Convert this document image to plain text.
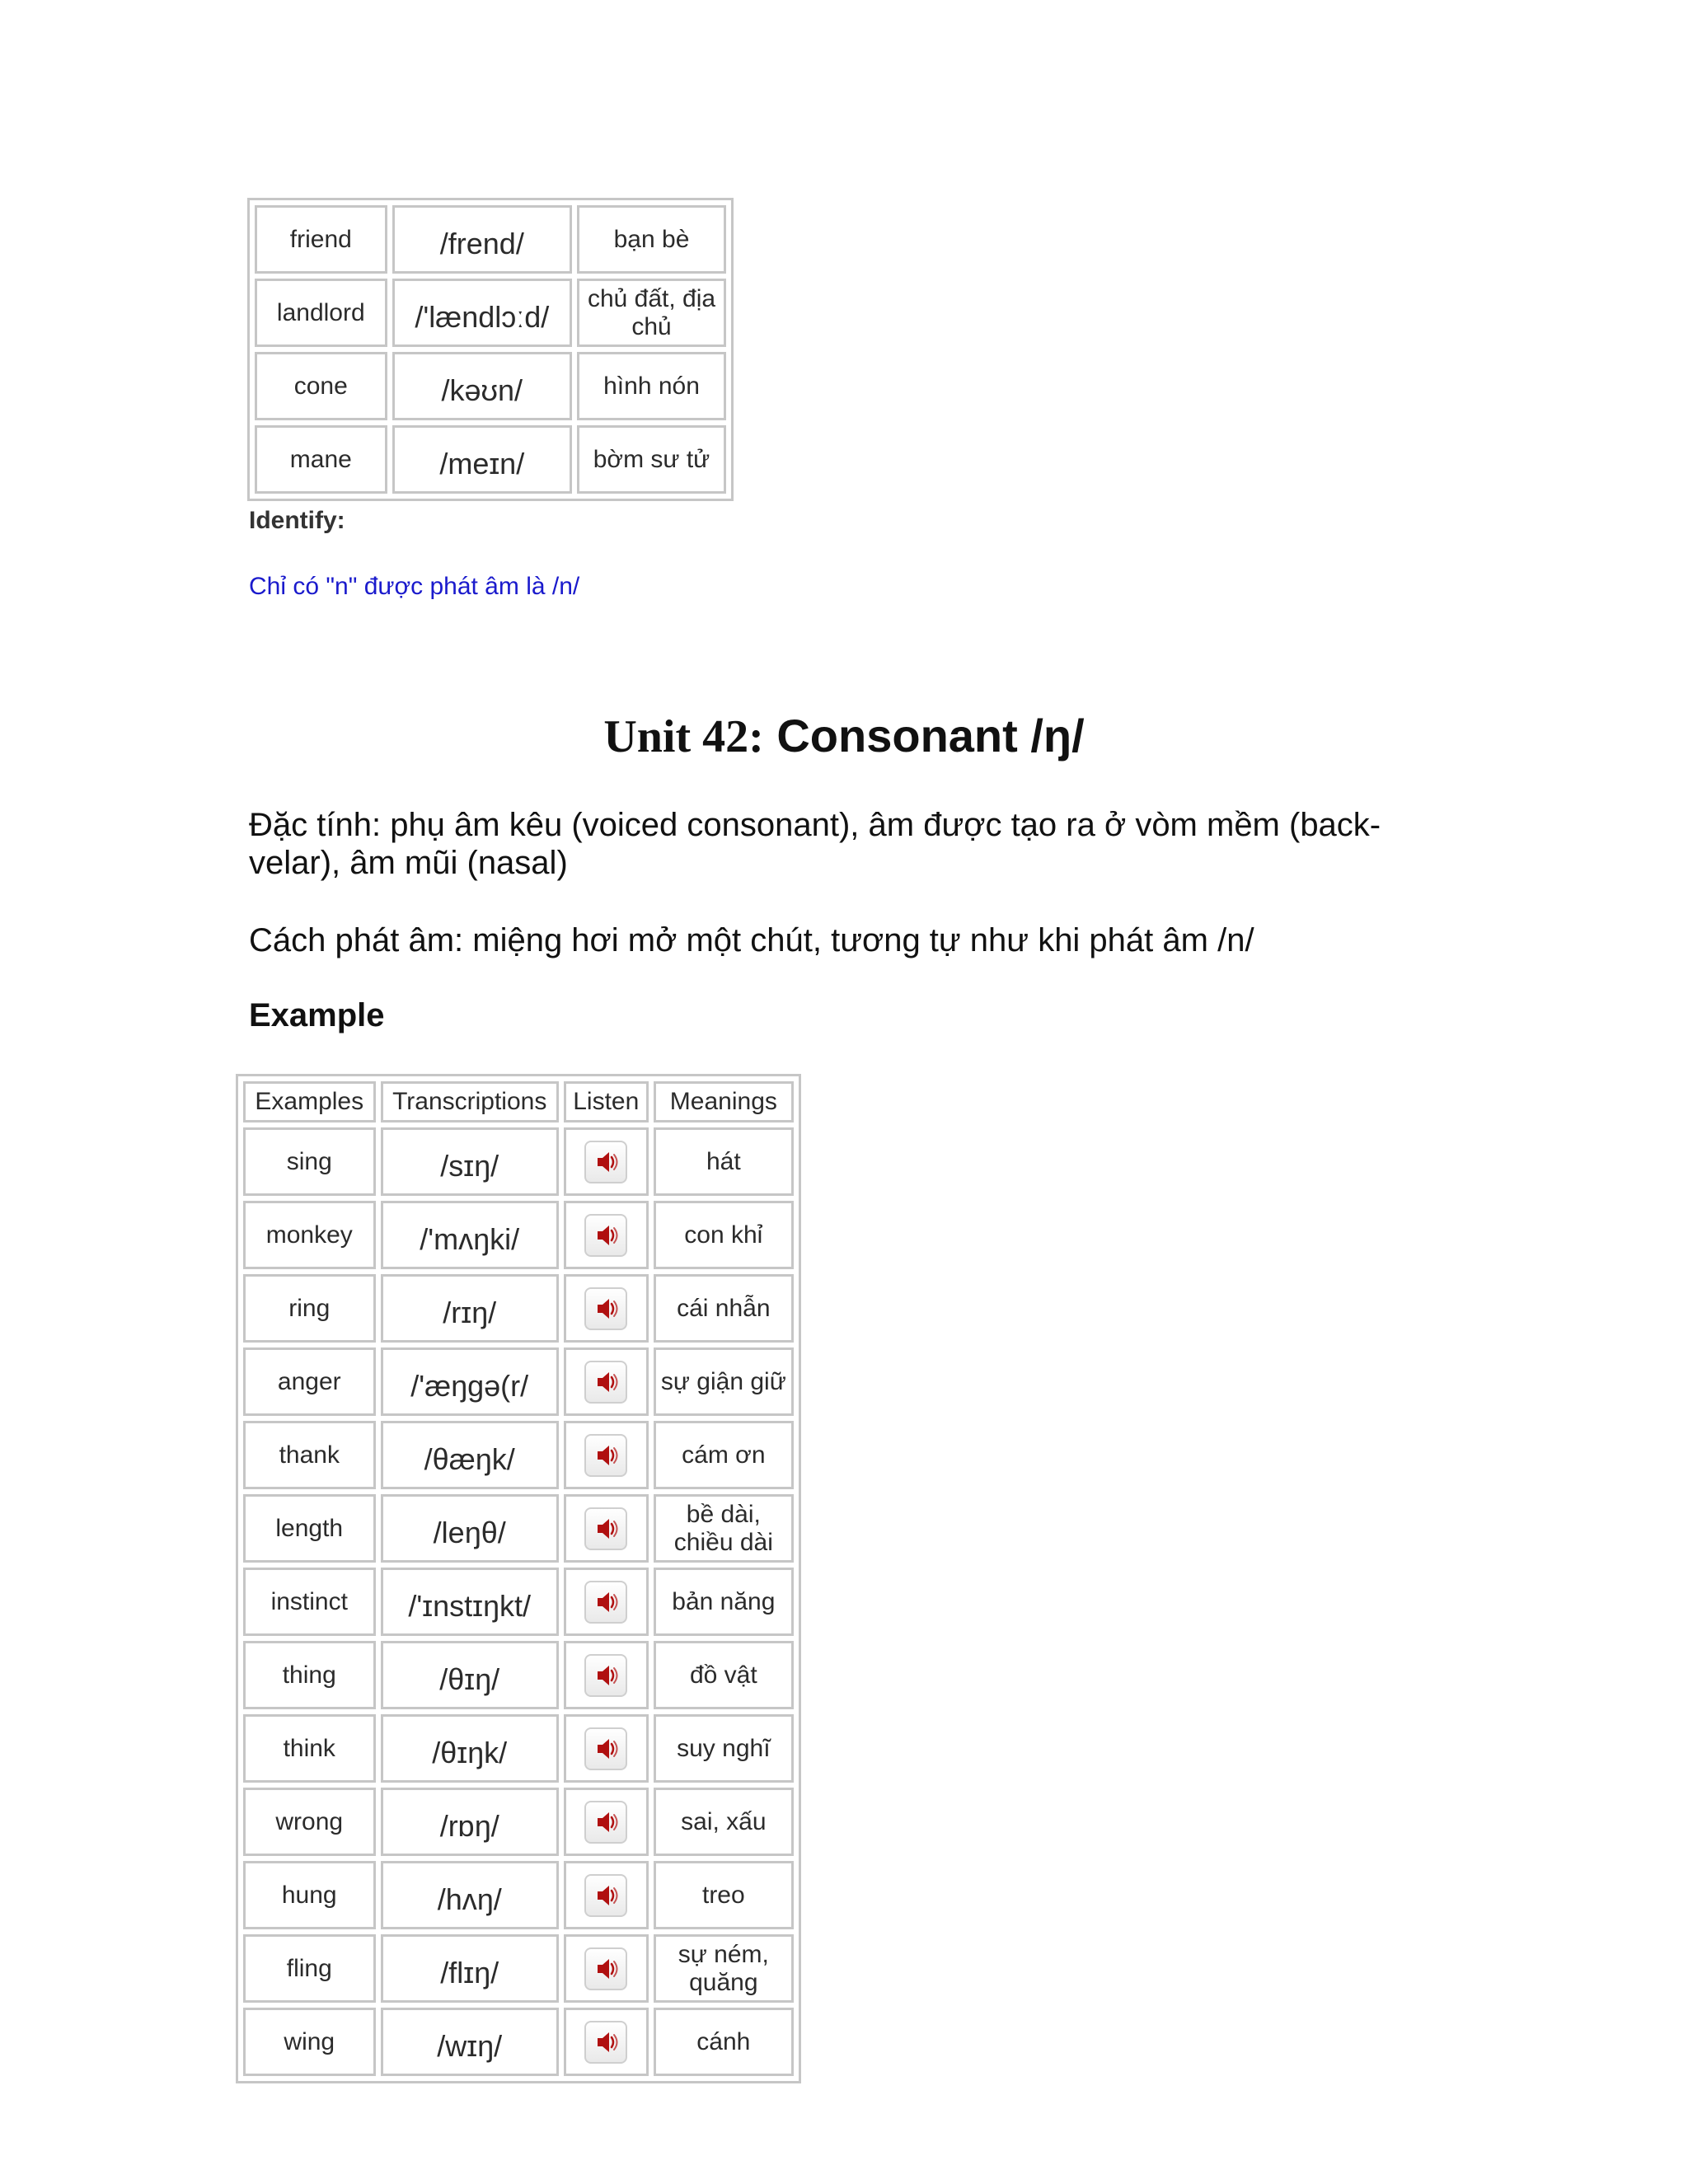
friend	/frend/	bạn bè
landlord	/'lændlɔːd/	chủ đất, địa chủ
cone	/kəʊn/	hình nón
mane	/meɪn/	bờm sư tử
Identify:
Chỉ có "n" được phát âm là /n/
Unit 42: Consonant /ŋ/
Đặc tính: phụ âm kêu (voiced consonant), âm được tạo ra ở vòm mềm (back-velar), âm mũi (nasal)
Cách phát âm: miệng hơi mở một chút, tương tự như khi phát âm /n/
Example
Examples	Transcriptions	Listen	Meanings
sing	/sɪŋ/		hát
monkey	/'mʌŋki/		con khỉ
ring	/rɪŋ/		cái nhẫn
anger	/'æŋgə(r/		sự giận giữ
thank	/θæŋk/		cám ơn
length	/leŋθ/		bề dài, chiều dài
instinct	/'ɪnstɪŋkt/		bản năng
thing	/θɪŋ/		đồ vật
think	/θɪŋk/		suy nghĩ
wrong	/rɒŋ/		sai, xấu
hung	/hʌŋ/		treo
fling	/flɪŋ/		sự ném, quăng
wing	/wɪŋ/		cánh
